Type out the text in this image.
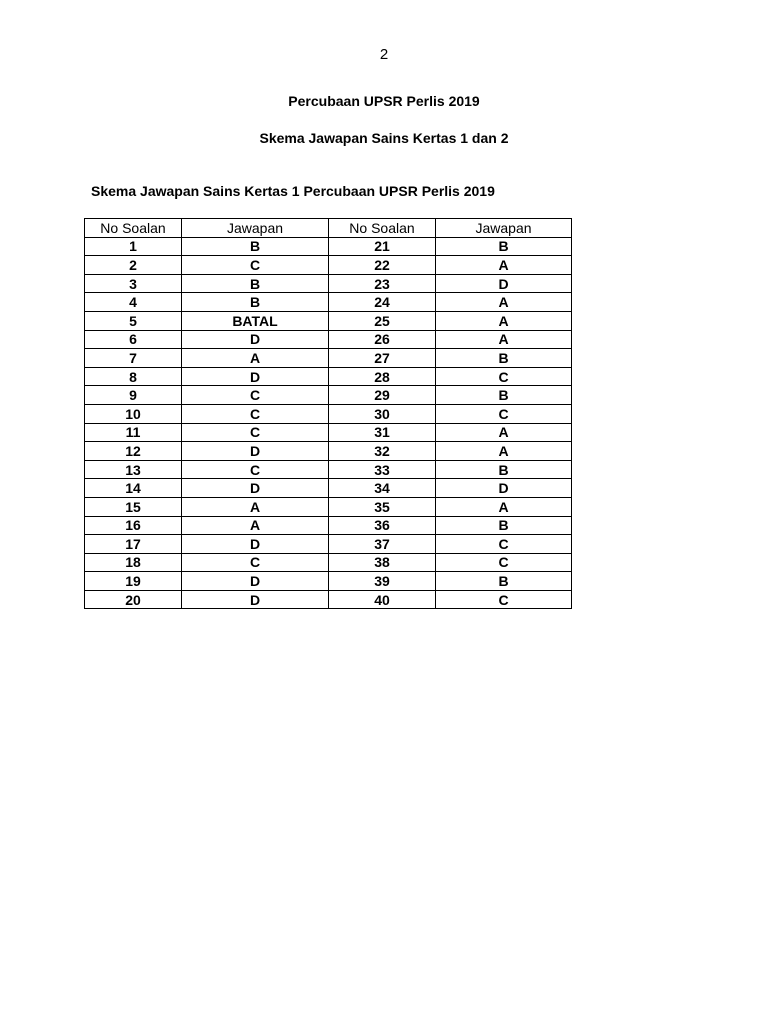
2
Percubaan UPSR Perlis 2019
Skema Jawapan Sains Kertas 1 dan 2
Skema Jawapan Sains Kertas 1 Percubaan UPSR Perlis 2019
No Soalan	Jawapan	No Soalan	Jawapan
1	B	21	B
2	C	22	A
3	B	23	D
4	B	24	A
5	BATAL	25	A
6	D	26	A
7	A	27	B
8	D	28	C
9	C	29	B
10	C	30	C
11	C	31	A
12	D	32	A
13	C	33	B
14	D	34	D
15	A	35	A
16	A	36	B
17	D	37	C
18	C	38	C
19	D	39	B
20	D	40	C
